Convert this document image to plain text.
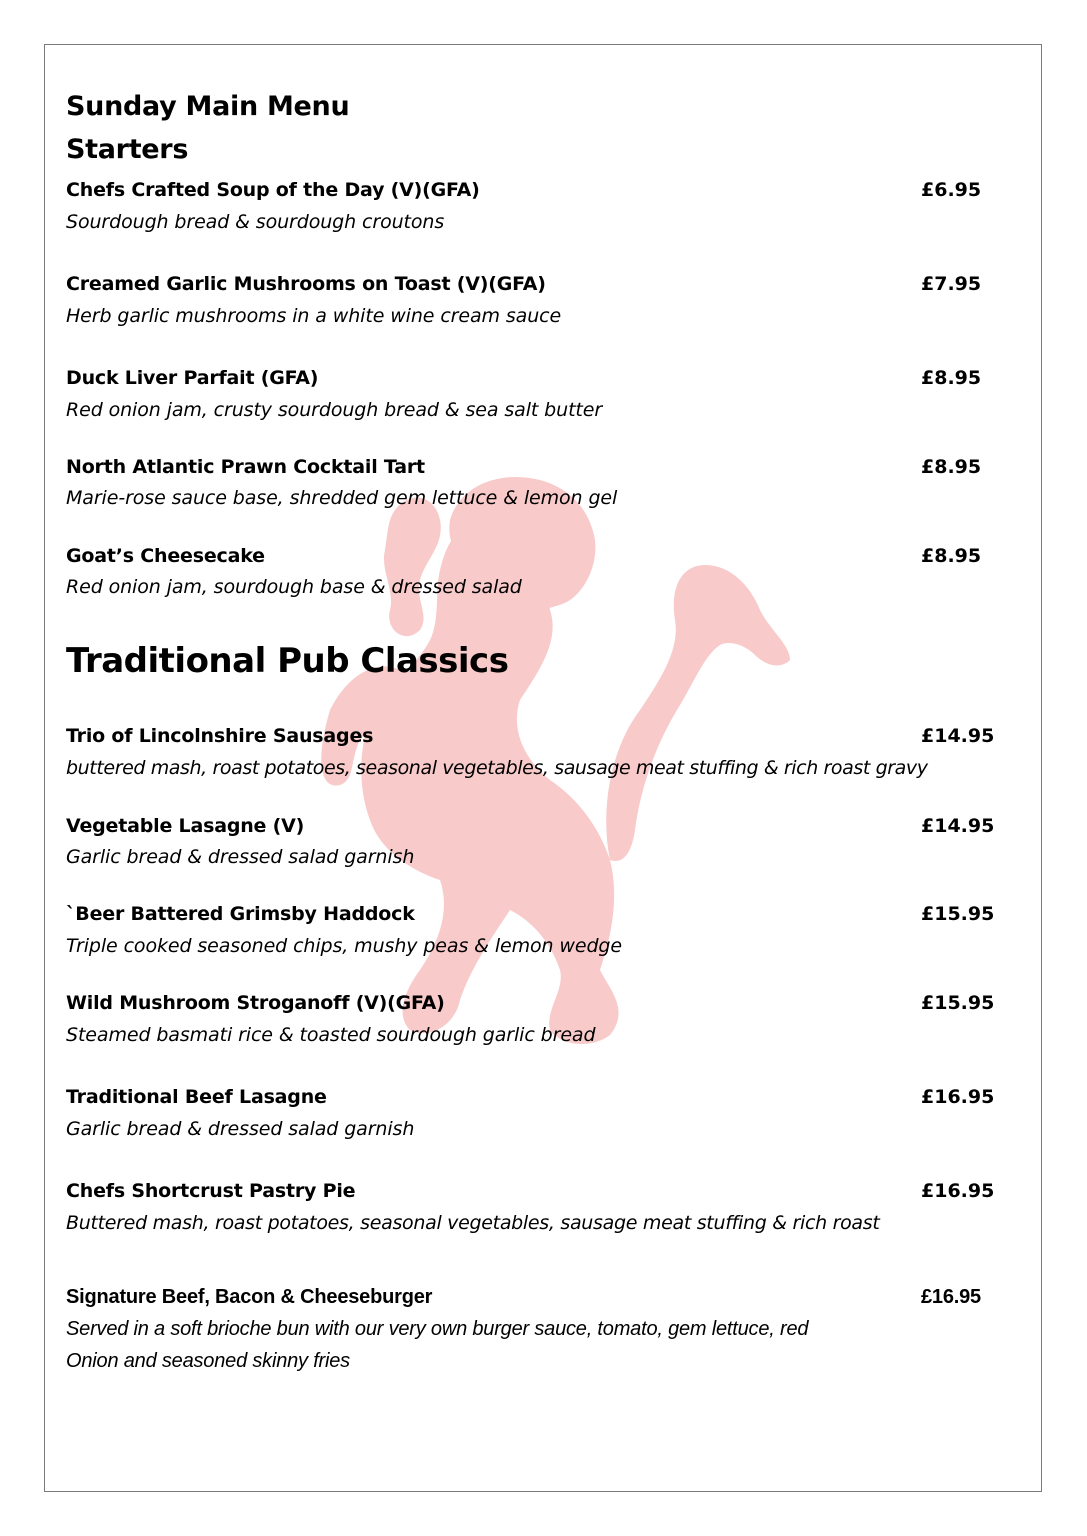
Sunday Main Menu
Starters
Chefs Crafted Soup of the Day (V)(GFA)	£6.95
Sourdough bread & sourdough croutons
Creamed Garlic Mushrooms on Toast (V)(GFA)	£7.95
Herb garlic mushrooms in a white wine cream sauce
Duck Liver Parfait (GFA)	£8.95
Red onion jam, crusty sourdough bread & sea salt butter
North Atlantic Prawn Cocktail Tart	£8.95
Marie-rose sauce base, shredded gem lettuce & lemon gel
Goat’s Cheesecake	£8.95
Red onion jam, sourdough base & dressed salad
Traditional Pub Classics
Trio of Lincolnshire Sausages	£14.95
buttered mash, roast potatoes, seasonal vegetables, sausage meat stuffing & rich roast gravy
Vegetable Lasagne (V)	£14.95
Garlic bread & dressed salad garnish
`Beer Battered Grimsby Haddock	£15.95
Triple cooked seasoned chips, mushy peas & lemon wedge
Wild Mushroom Stroganoff (V)(GFA)	£15.95
Steamed basmati rice & toasted sourdough garlic bread
Traditional Beef Lasagne	£16.95
Garlic bread & dressed salad garnish
Chefs Shortcrust Pastry Pie	£16.95
Buttered mash, roast potatoes, seasonal vegetables, sausage meat stuffing & rich roast
Signature Beef, Bacon & Cheeseburger	£16.95
Served in a soft brioche bun with our very own burger sauce, tomato, gem lettuce, red
Onion and seasoned skinny fries
